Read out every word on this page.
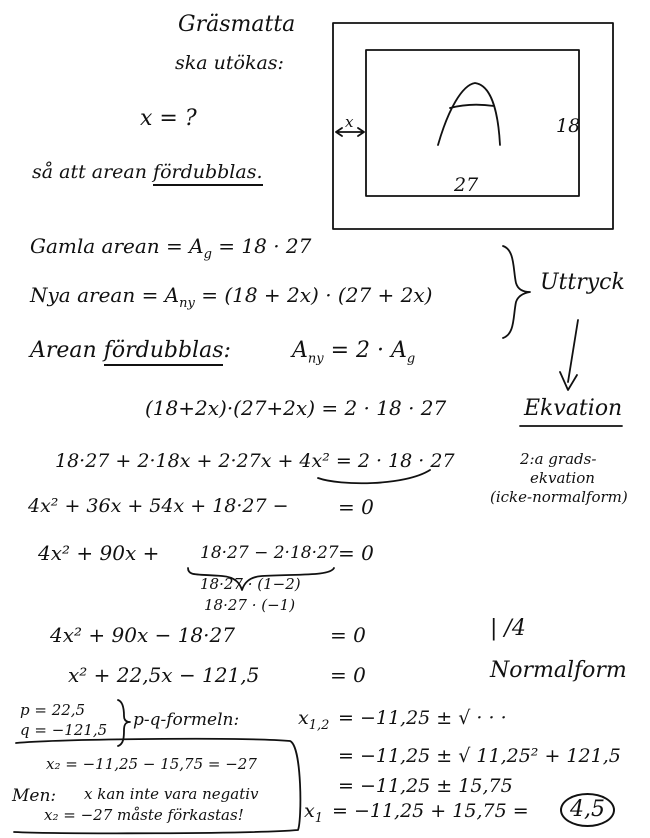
Gräsmatta
ska utökas:
x = ?
så att arean fördubblas.
x	18
27
Gamla arean = $A_g = 18 \cdot 27$
Nya arean = $A_{ny} = (18 + 2x) \cdot (27 + 2x)$	Uttryck
Arean fördubblas:	$A_{ny} = 2 \cdot A_g$
(18+2x)·(27+2x) = 2 · 18 · 27	Ekvation
18·27 + 2·18x + 2·27x + 4x² = 2 · 18 · 27	2:a grads-
ekvation
(icke-normalform)
4x² + 36x + 54x + 18·27 − = 0
4x² + 90x + 18·27 − 2·18·27 = 0
18·27 · (1−2)
18·27 · (−1)
4x² + 90x − 18·27	= 0	| /4
x² + 22,5x − 121,5	= 0	Normalform
p = 22,5
q = −121,5 p-q-formeln:	$x_{1,2} = -11,25$ ± √ · · ·
= −11,25 ± √ 11,25² + 121,5
= −11,25 ± 15,75
$x_1 = -11,25 + 15,75$ =	4,5
x₂ = −11,25 − 15,75 = −27
Men: x kan inte vara negativ
x₂ = −27 måste förkastas!
